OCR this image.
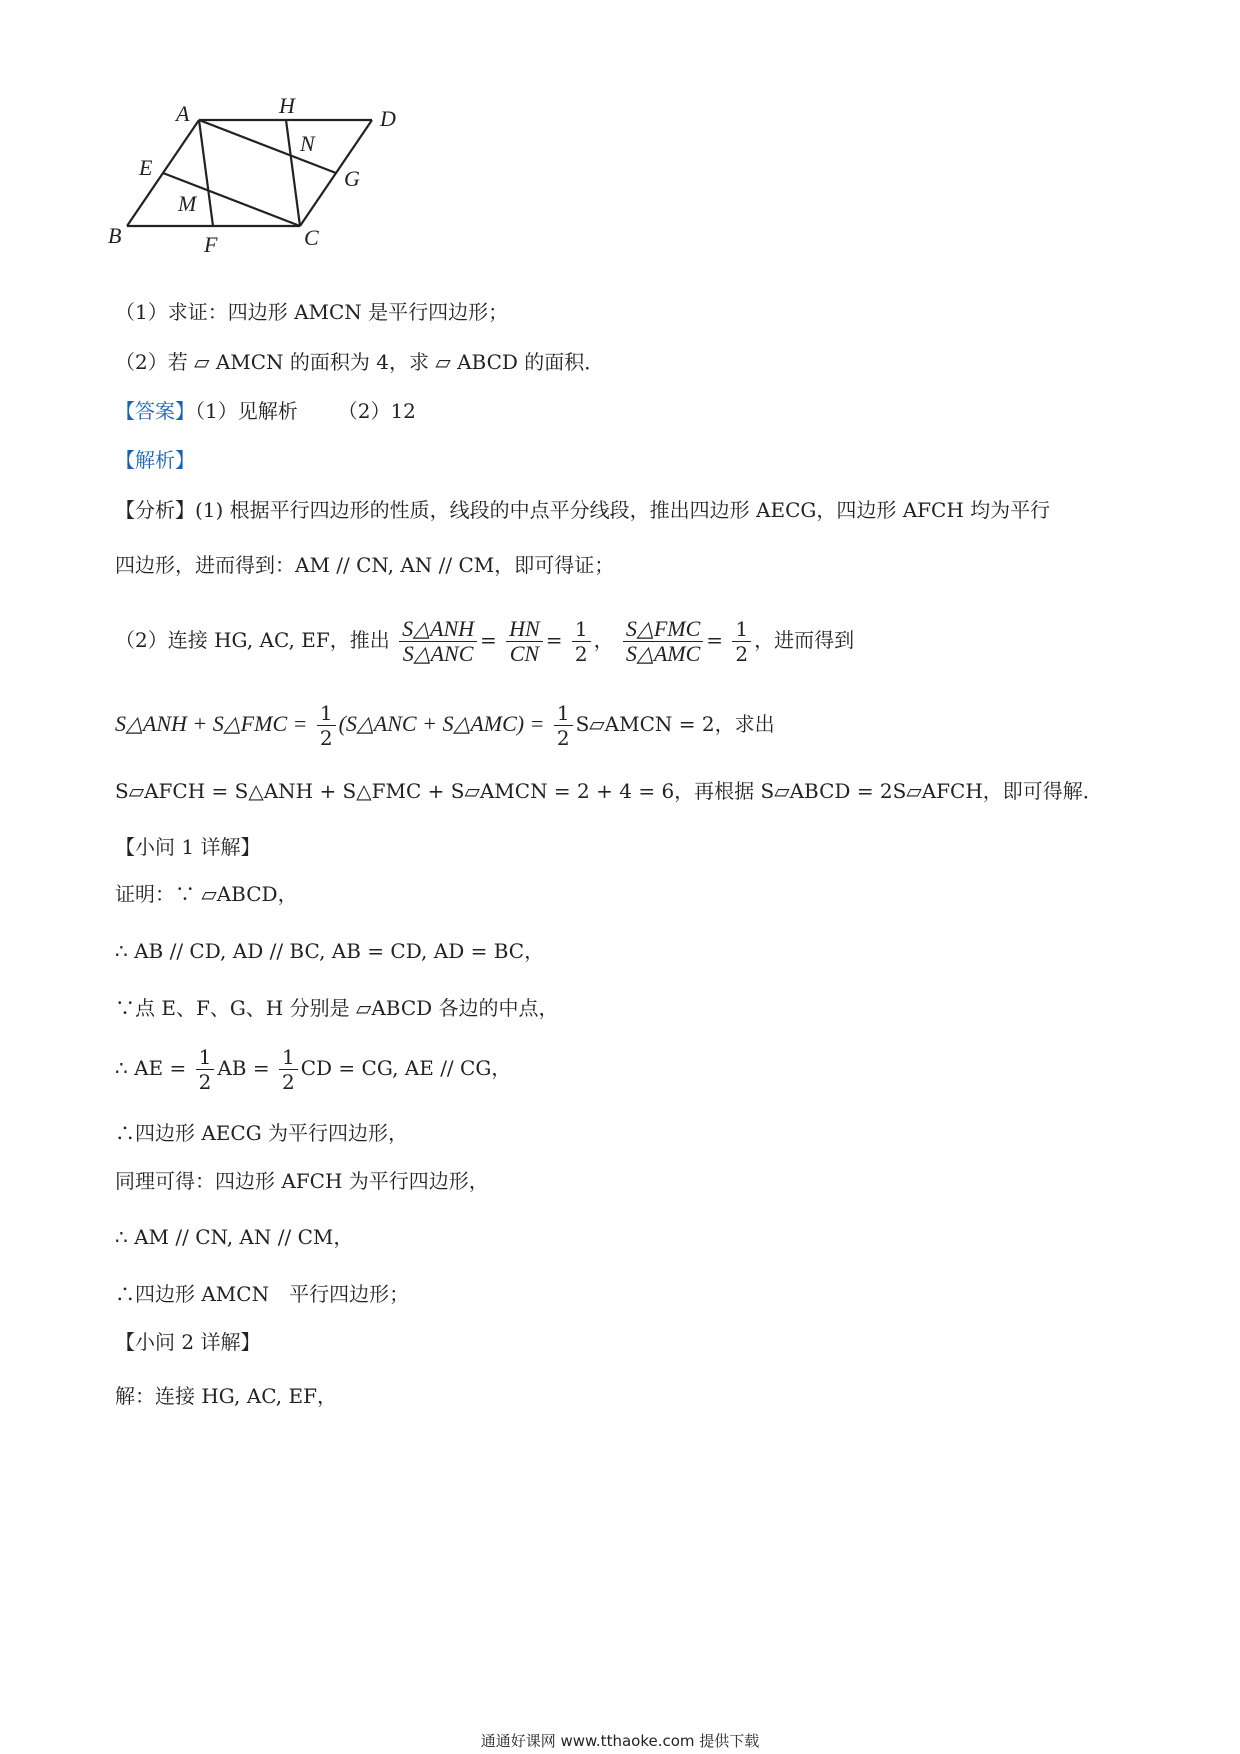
A	H
D
N
G
E
M
B	F	C
（1）求证：四边形 AMCN 是平行四边形；
（2）若 ▱ AMCN 的面积为 4，求 ▱ ABCD 的面积．
【答案】（1）见解析 （2）12
【解析】
【分析】(1) 根据平行四边形的性质，线段的中点平分线段，推出四边形 AECG，四边形 AFCH 均为平行
四边形，进而得到：AM // CN, AN // CM，即可得证；
（2）连接 HG, AC, EF，推出 $\frac{\text{S△ANH}}{\text{S△ANC}} = \frac{HN}{CN} = \frac{1}{2}$ ， $\frac{\text{S△FMC}}{\text{S△AMC}} = \frac{1}{2}$ ，进而得到
S△ANH + S△FMC = $\frac{1}{2}$ (S△ANC + S△AMC) = $\frac{1}{2}$ S▱AMCN = 2，求出
S▱AFCH = S△ANH + S△FMC + S▱AMCN = 2 + 4 = 6，再根据 S▱ABCD = 2S▱AFCH，即可得解．
【小问 1 详解】
证明：∵ ▱ABCD，
∴ AB // CD, AD // BC, AB = CD, AD = BC，
∵点 E、F、G、H 分别是 ▱ABCD 各边的中点，
∴ AE = $\frac{1}{2}$ AB = $\frac{1}{2}$ CD = CG, AE // CG，
∴四边形 AECG 为平行四边形，
同理可得：四边形 AFCH 为平行四边形，
∴ AM // CN, AN // CM，
∴四边形 AMCN　平行四边形；
【小问 2 详解】
解：连接 HG, AC, EF，
通通好课网 www.tthaoke.com 提供下载
